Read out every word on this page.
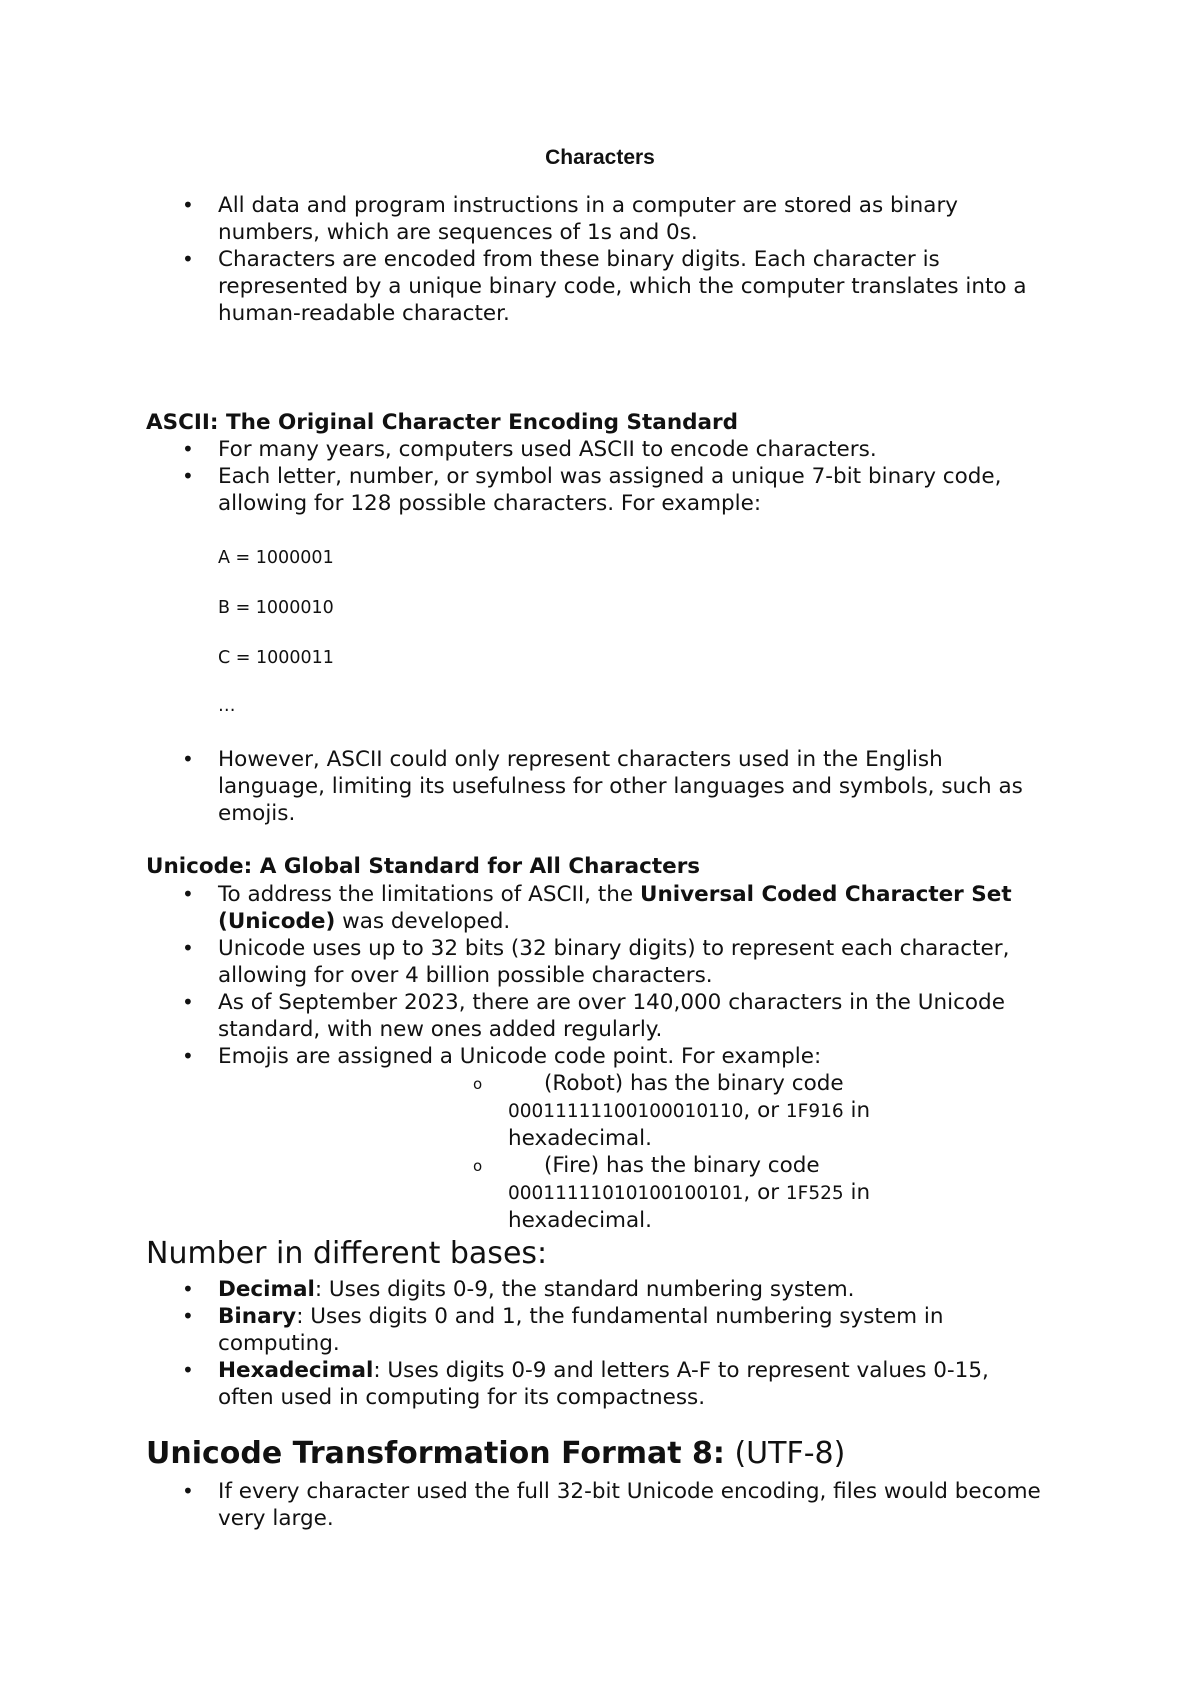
Characters
• All data and program instructions in a computer are stored as binary numbers, which are sequences of 1s and 0s.
• Characters are encoded from these binary digits. Each character is represented by a unique binary code, which the computer translates into a human-readable character.
ASCII: The Original Character Encoding Standard
• For many years, computers used ASCII to encode characters.
• Each letter, number, or symbol was assigned a unique 7-bit binary code, allowing for 128 possible characters. For example:
A = 1000001
B = 1000010
C = 1000011
…
• However, ASCII could only represent characters used in the English language, limiting its usefulness for other languages and symbols, such as emojis.
Unicode: A Global Standard for All Characters
• To address the limitations of ASCII, the Universal Coded Character Set (Unicode) was developed.
• Unicode uses up to 32 bits (32 binary digits) to represent each character, allowing for over 4 billion possible characters.
• As of September 2023, there are over 140,000 characters in the Unicode standard, with new ones added regularly.
• Emojis are assigned a Unicode code point. For example:
o	(Robot) has the binary code 00011111100100010110, or 1F916 in hexadecimal.
o	(Fire) has the binary code 00011111010100100101, or 1F525 in hexadecimal.
Number in different bases:
• Decimal: Uses digits 0-9, the standard numbering system.
• Binary: Uses digits 0 and 1, the fundamental numbering system in computing.
• Hexadecimal: Uses digits 0-9 and letters A-F to represent values 0-15, often used in computing for its compactness.
Unicode Transformation Format 8: (UTF-8)
• If every character used the full 32-bit Unicode encoding, files would become very large.
